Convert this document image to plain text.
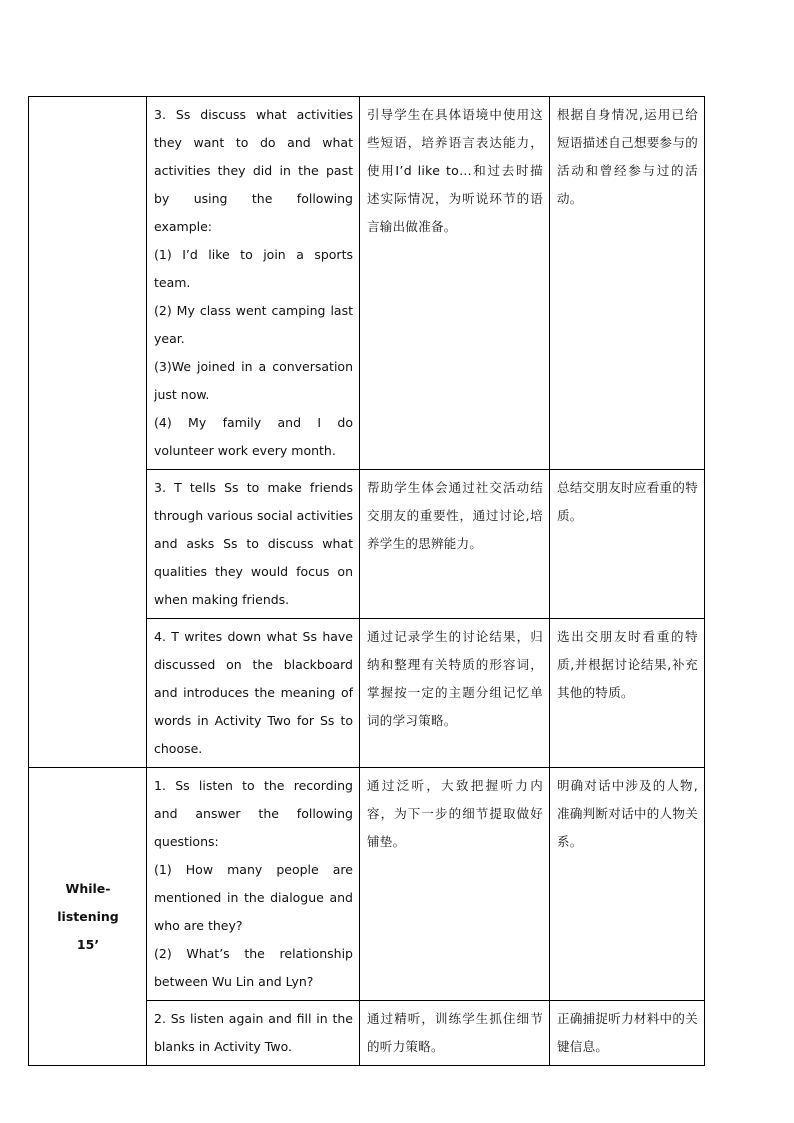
	3. Ss discuss what activities they want to do and what activities they did in the past by using the following example:
(1) I’d like to join a sports team.
(2) My class went camping last year.
(3)We joined in a conversation just now.
(4) My family and I do volunteer work every month.	引导学生在具体语境中使用这些短语，培养语言表达能力，使用I’d like to…和过去时描述实际情况，为听说环节的语言输出做准备。	根据自身情况,运用已给短语描述自己想要参与的活动和曾经参与过的活动。

	3. T tells Ss to make friends through various social activities and asks Ss to discuss what qualities they would focus on when making friends.	帮助学生体会通过社交活动结交朋友的重要性，通过讨论,培养学生的思辨能力。	总结交朋友时应看重的特质。

	4. T writes down what Ss have discussed on the blackboard and introduces the meaning of words in Activity Two for Ss to choose.	通过记录学生的讨论结果，归纳和整理有关特质的形容词，掌握按一定的主题分组记忆单词的学习策略。	选出交朋友时看重的特质,并根据讨论结果,补充其他的特质。

While-listening
15’	1. Ss listen to the recording and answer the following questions:
(1) How many people are mentioned in the dialogue and who are they?
(2) What’s the relationship between Wu Lin and Lyn?	通过泛听，大致把握听力内容，为下一步的细节提取做好铺垫。	明确对话中涉及的人物,准确判断对话中的人物关系。

	2. Ss listen again and fill in the blanks in Activity Two.	通过精听，训练学生抓住细节的听力策略。	正确捕捉听力材料中的关键信息。
